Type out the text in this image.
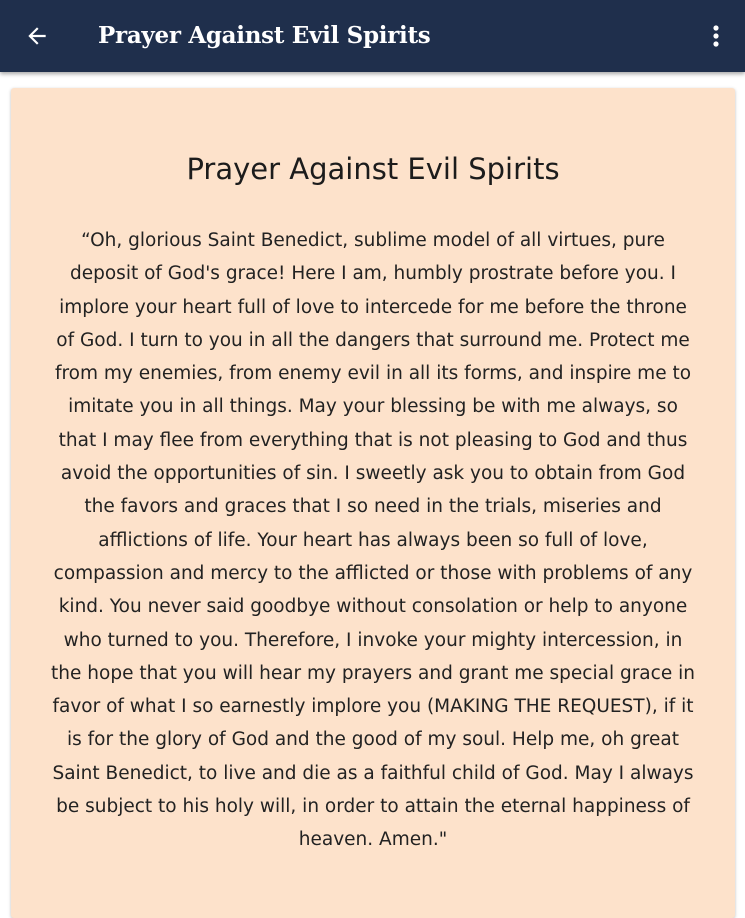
Prayer Against Evil Spirits
Prayer Against Evil Spirits
“Oh, glorious Saint Benedict, sublime model of all virtues, pure deposit of God's grace! Here I am, humbly prostrate before you. I implore your heart full of love to intercede for me before the throne of God. I turn to you in all the dangers that surround me. Protect me from my enemies, from enemy evil in all its forms, and inspire me to imitate you in all things. May your blessing be with me always, so that I may flee from everything that is not pleasing to God and thus avoid the opportunities of sin. I sweetly ask you to obtain from God the favors and graces that I so need in the trials, miseries and afflictions of life. Your heart has always been so full of love, compassion and mercy to the afflicted or those with problems of any kind. You never said goodbye without consolation or help to anyone who turned to you. Therefore, I invoke your mighty intercession, in the hope that you will hear my prayers and grant me special grace in favor of what I so earnestly implore you (MAKING THE REQUEST), if it is for the glory of God and the good of my soul. Help me, oh great Saint Benedict, to live and die as a faithful child of God. May I always be subject to his holy will, in order to attain the eternal happiness of heaven. Amen."
